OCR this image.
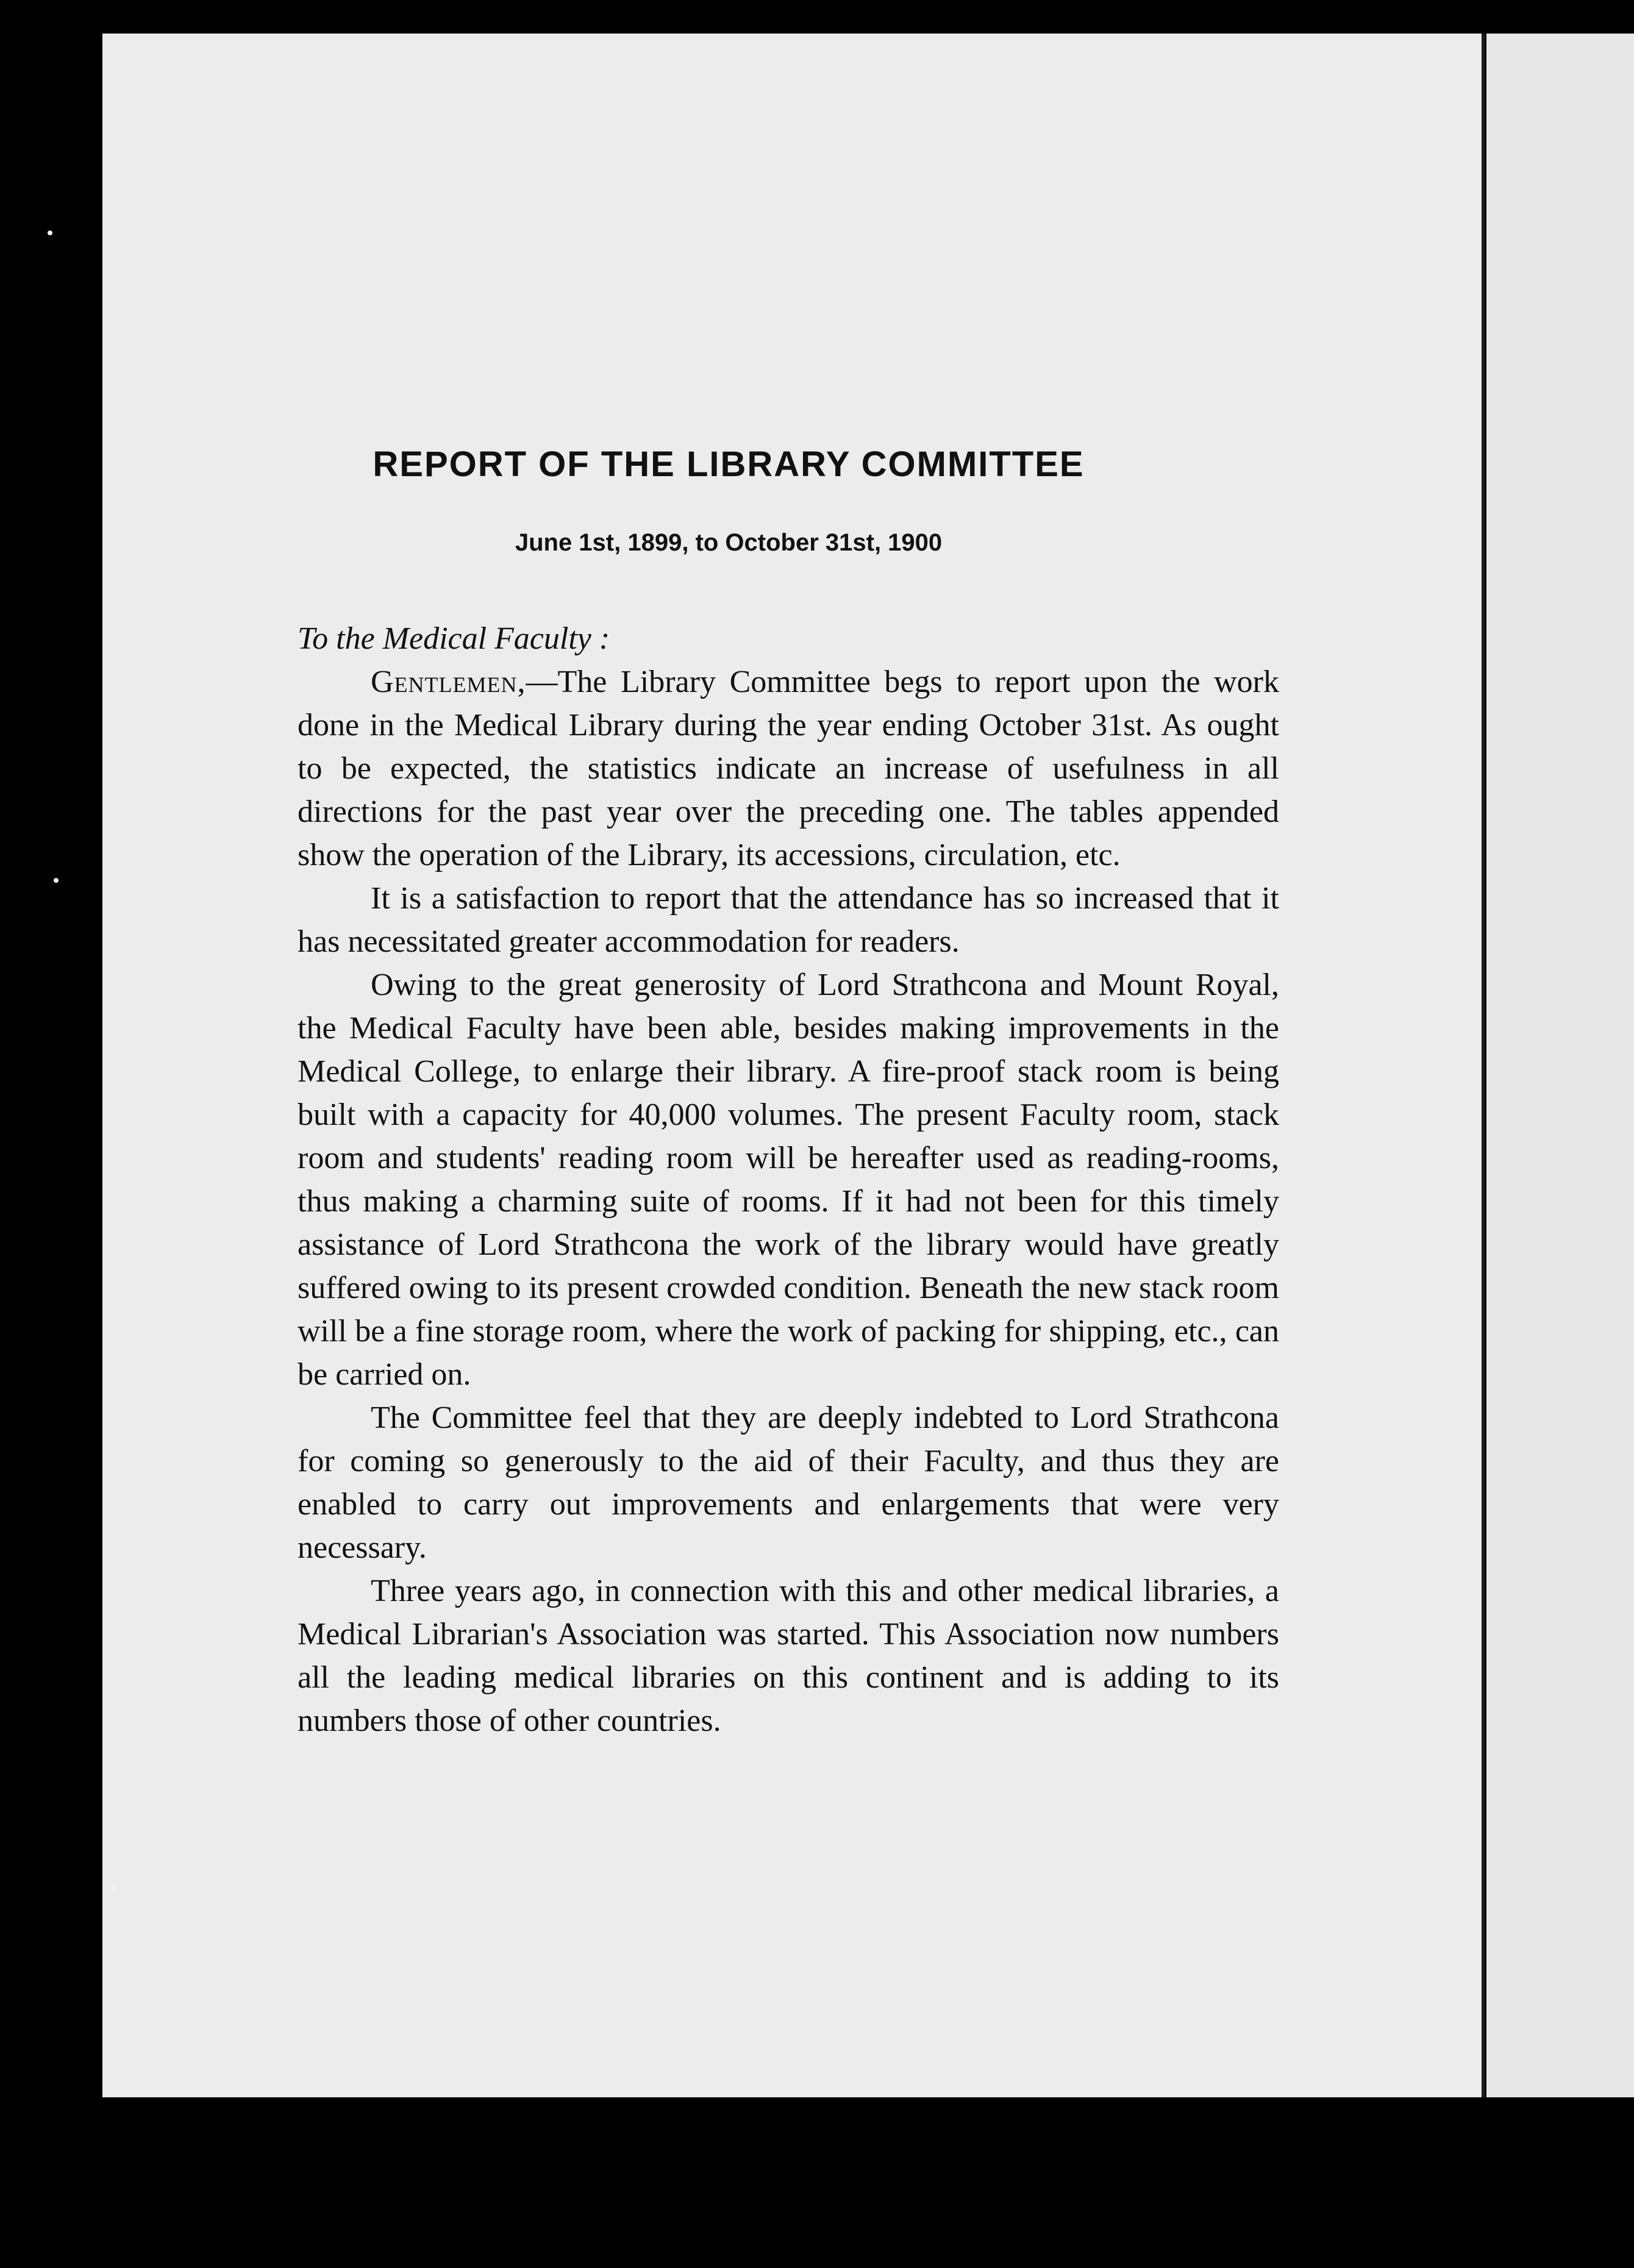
REPORT OF THE LIBRARY COMMITTEE
June 1st, 1899, to October 31st, 1900

To the Medical Faculty :

Gentlemen,—The Library Committee begs to report upon the work done in the Medical Library during the year ending October 31st. As ought to be expected, the statistics indicate an increase of usefulness in all directions for the past year over the preceding one. The tables appended show the operation of the Library, its accessions, circulation, etc.

It is a satisfaction to report that the attendance has so increased that it has necessitated greater accommodation for readers.

Owing to the great generosity of Lord Strathcona and Mount Royal, the Medical Faculty have been able, besides making improvements in the Medical College, to enlarge their library. A fire-proof stack room is being built with a capacity for 40,000 volumes. The present Faculty room, stack room and students' reading room will be hereafter used as reading-rooms, thus making a charming suite of rooms. If it had not been for this timely assistance of Lord Strathcona the work of the library would have greatly suffered owing to its present crowded condition. Beneath the new stack room will be a fine storage room, where the work of packing for shipping, etc., can be carried on.

The Committee feel that they are deeply indebted to Lord Strathcona for coming so generously to the aid of their Faculty, and thus they are enabled to carry out improvements and enlargements that were very necessary.

Three years ago, in connection with this and other medical libraries, a Medical Librarian's Association was started. This Association now numbers all the leading medical libraries on this continent and is adding to its numbers those of other countries.
